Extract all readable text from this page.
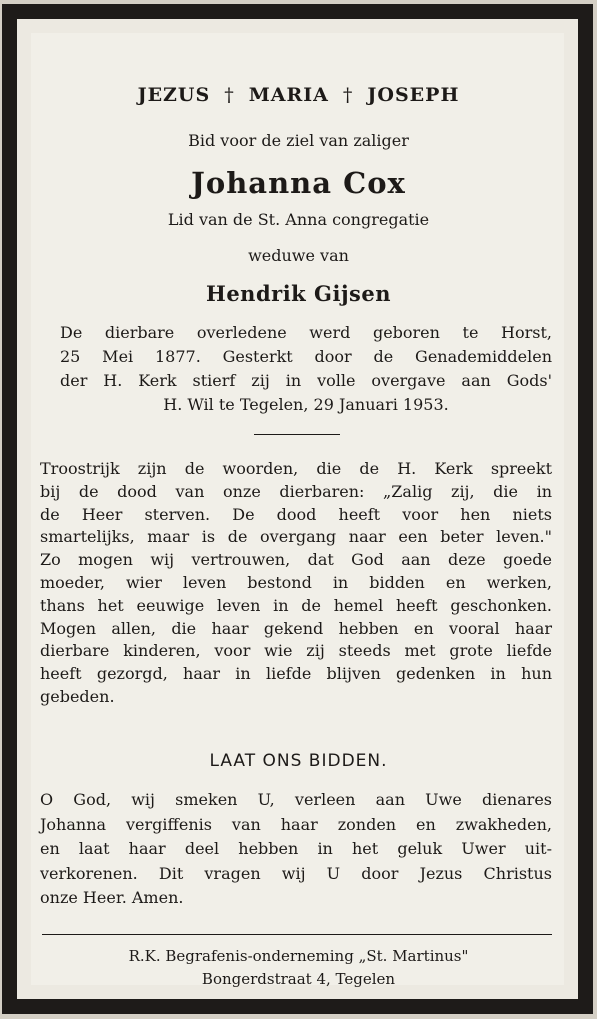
JEZUS † MARIA † JOSEPH
Bid voor de ziel van zaliger
Johanna Cox
Lid van de St. Anna congregatie
weduwe van
Hendrik Gijsen
De dierbare overledene werd geboren te Horst,
25 Mei 1877. Gesterkt door de Genademiddelen
der H. Kerk stierf zij in volle overgave aan Gods'
H. Wil te Tegelen, 29 Januari 1953.
Troostrijk zijn de woorden, die de H. Kerk spreekt
bij de dood van onze dierbaren: „Zalig zij, die in
de Heer sterven. De dood heeft voor hen niets
smartelijks, maar is de overgang naar een beter leven."
Zo mogen wij vertrouwen, dat God aan deze goede
moeder, wier leven bestond in bidden en werken,
thans het eeuwige leven in de hemel heeft geschonken.
Mogen allen, die haar gekend hebben en vooral haar
dierbare kinderen, voor wie zij steeds met grote liefde
heeft gezorgd, haar in liefde blijven gedenken in hun
gebeden.
LAAT ONS BIDDEN.
O God, wij smeken U, verleen aan Uwe dienares
Johanna vergiffenis van haar zonden en zwakheden,
en laat haar deel hebben in het geluk Uwer uit-
verkorenen. Dit vragen wij U door Jezus Christus
onze Heer. Amen.
R.K. Begrafenis-onderneming „St. Martinus"
Bongerdstraat 4, Tegelen
